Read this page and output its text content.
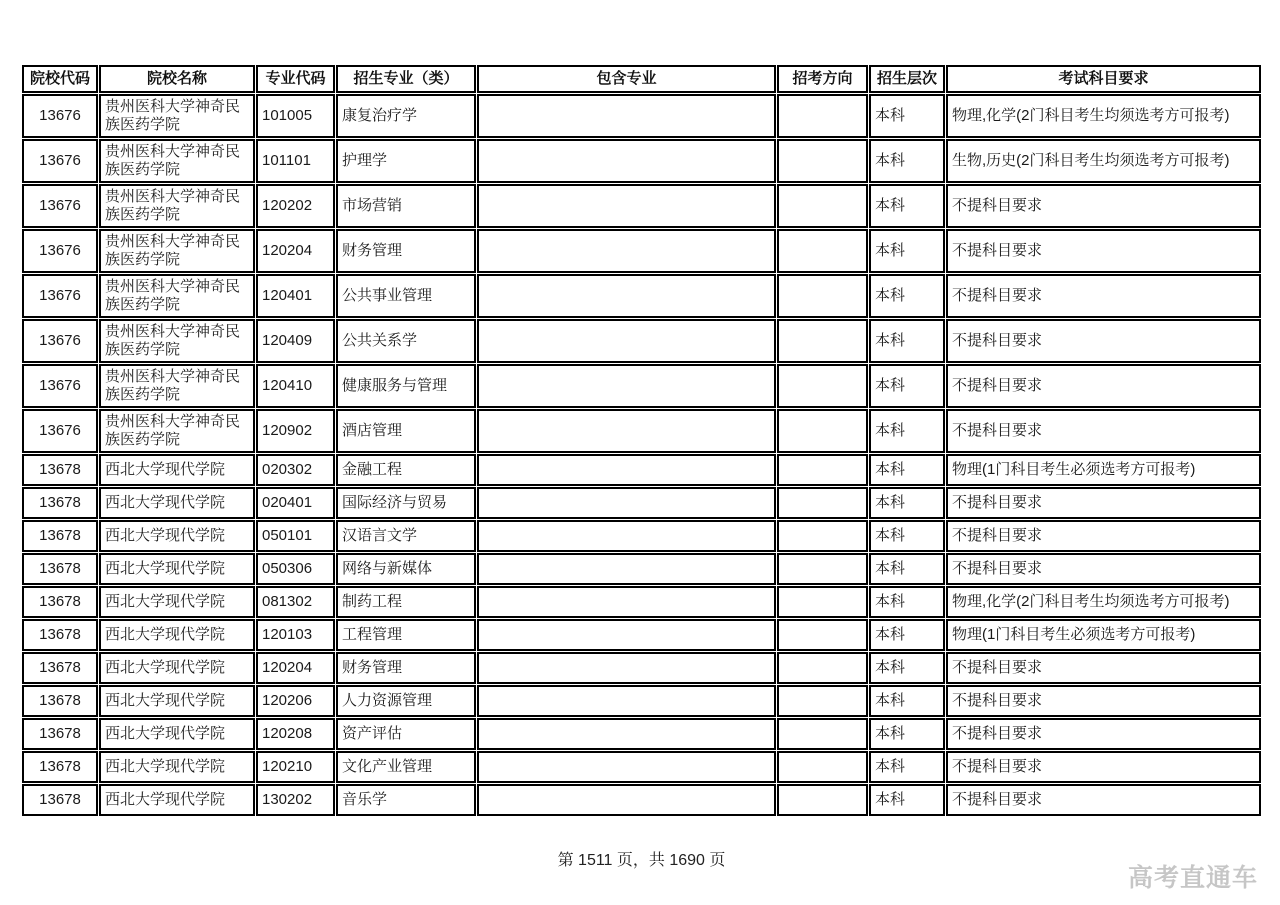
院校代码	院校名称	专业代码	招生专业（类）	包含专业	招考方向	招生层次	考试科目要求
13676	贵州医科大学神奇民族医药学院	101005	康复治疗学			本科	物理,化学(2门科目考生均须选考方可报考)
13676	贵州医科大学神奇民族医药学院	101101	护理学			本科	生物,历史(2门科目考生均须选考方可报考)
13676	贵州医科大学神奇民族医药学院	120202	市场营销			本科	不提科目要求
13676	贵州医科大学神奇民族医药学院	120204	财务管理			本科	不提科目要求
13676	贵州医科大学神奇民族医药学院	120401	公共事业管理			本科	不提科目要求
13676	贵州医科大学神奇民族医药学院	120409	公共关系学			本科	不提科目要求
13676	贵州医科大学神奇民族医药学院	120410	健康服务与管理			本科	不提科目要求
13676	贵州医科大学神奇民族医药学院	120902	酒店管理			本科	不提科目要求
13678	西北大学现代学院	020302	金融工程			本科	物理(1门科目考生必须选考方可报考)
13678	西北大学现代学院	020401	国际经济与贸易			本科	不提科目要求
13678	西北大学现代学院	050101	汉语言文学			本科	不提科目要求
13678	西北大学现代学院	050306	网络与新媒体			本科	不提科目要求
13678	西北大学现代学院	081302	制药工程			本科	物理,化学(2门科目考生均须选考方可报考)
13678	西北大学现代学院	120103	工程管理			本科	物理(1门科目考生必须选考方可报考)
13678	西北大学现代学院	120204	财务管理			本科	不提科目要求
13678	西北大学现代学院	120206	人力资源管理			本科	不提科目要求
13678	西北大学现代学院	120208	资产评估			本科	不提科目要求
13678	西北大学现代学院	120210	文化产业管理			本科	不提科目要求
13678	西北大学现代学院	130202	音乐学			本科	不提科目要求
第 1511 页，共 1690 页
高考直通车
